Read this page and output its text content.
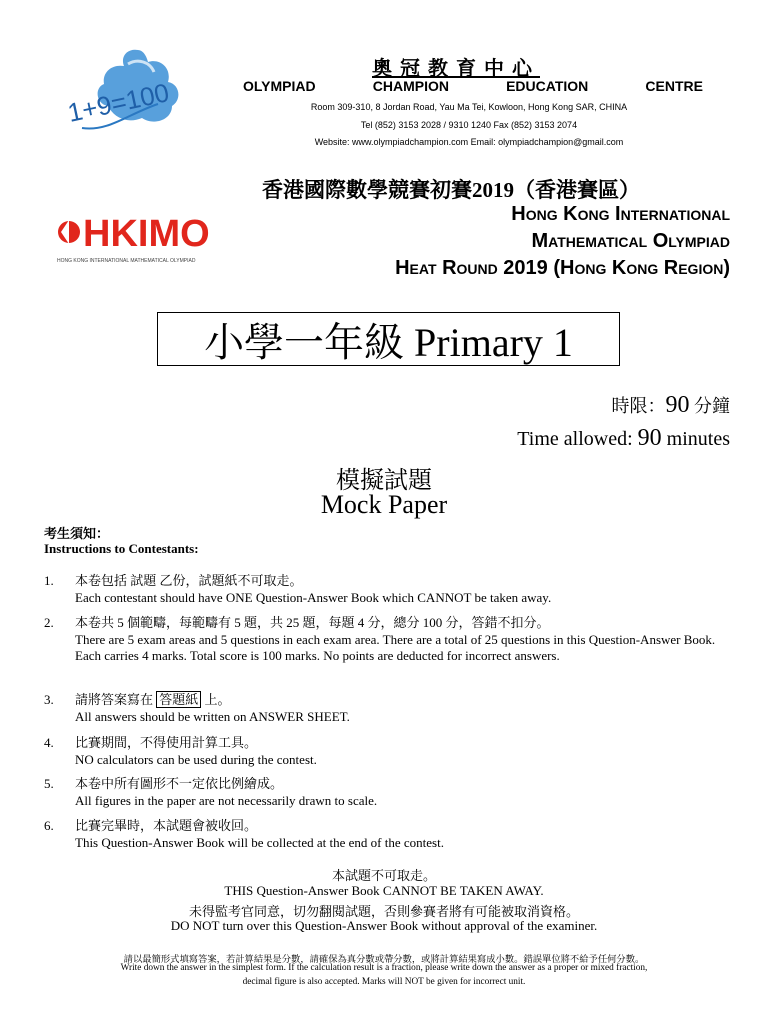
1+9=100
奧冠教育中心
OLYMPIAD	CHAMPION	EDUCATION	CENTRE
Room 309-310, 8 Jordan Road, Yau Ma Tei, Kowloon, Hong Kong SAR, CHINA
Tel (852) 3153 2028 / 9310 1240 Fax (852) 3153 2074
Website: www.olympiadchampion.com Email: olympiadchampion@gmail.com
HKIMO
HONG KONG INTERNATIONAL MATHEMATICAL OLYMPIAD
香港國際數學競賽初賽2019（香港賽區）
Hong Kong International
Mathematical Olympiad
Heat Round 2019 (Hong Kong Region)
小學一年級 Primary 1
時限：90 分鐘
Time allowed: 90 minutes
模擬試題
Mock Paper
考生須知：
Instructions to Contestants:
1. 本卷包括 試題 乙份，試題紙不可取走。
Each contestant should have ONE Question-Answer Book which CANNOT be taken away.
2. 本卷共 5 個範疇，每範疇有 5 題，共 25 題，每題 4 分，總分 100 分，答錯不扣分。
There are 5 exam areas and 5 questions in each exam area. There are a total of 25 questions in this Question-Answer Book. Each carries 4 marks. Total score is 100 marks. No points are deducted for incorrect answers.
3. 請將答案寫在 答題紙 上。
All answers should be written on ANSWER SHEET.
4. 比賽期間，不得使用計算工具。
NO calculators can be used during the contest.
5. 本卷中所有圖形不一定依比例繪成。
All figures in the paper are not necessarily drawn to scale.
6. 比賽完畢時，本試題會被收回。
This Question-Answer Book will be collected at the end of the contest.
本試題不可取走。
THIS Question-Answer Book CANNOT BE TAKEN AWAY.
未得監考官同意，切勿翻閱試題，否則參賽者將有可能被取消資格。
DO NOT turn over this Question-Answer Book without approval of the examiner.
請以最簡形式填寫答案，若計算結果是分數，請確保為真分數或帶分數，或將計算結果寫成小數。錯誤單位將不給予任何分數。
Write down the answer in the simplest form. If the calculation result is a fraction, please write down the answer as a proper or mixed fraction,
decimal figure is also accepted. Marks will NOT be given for incorrect unit.
